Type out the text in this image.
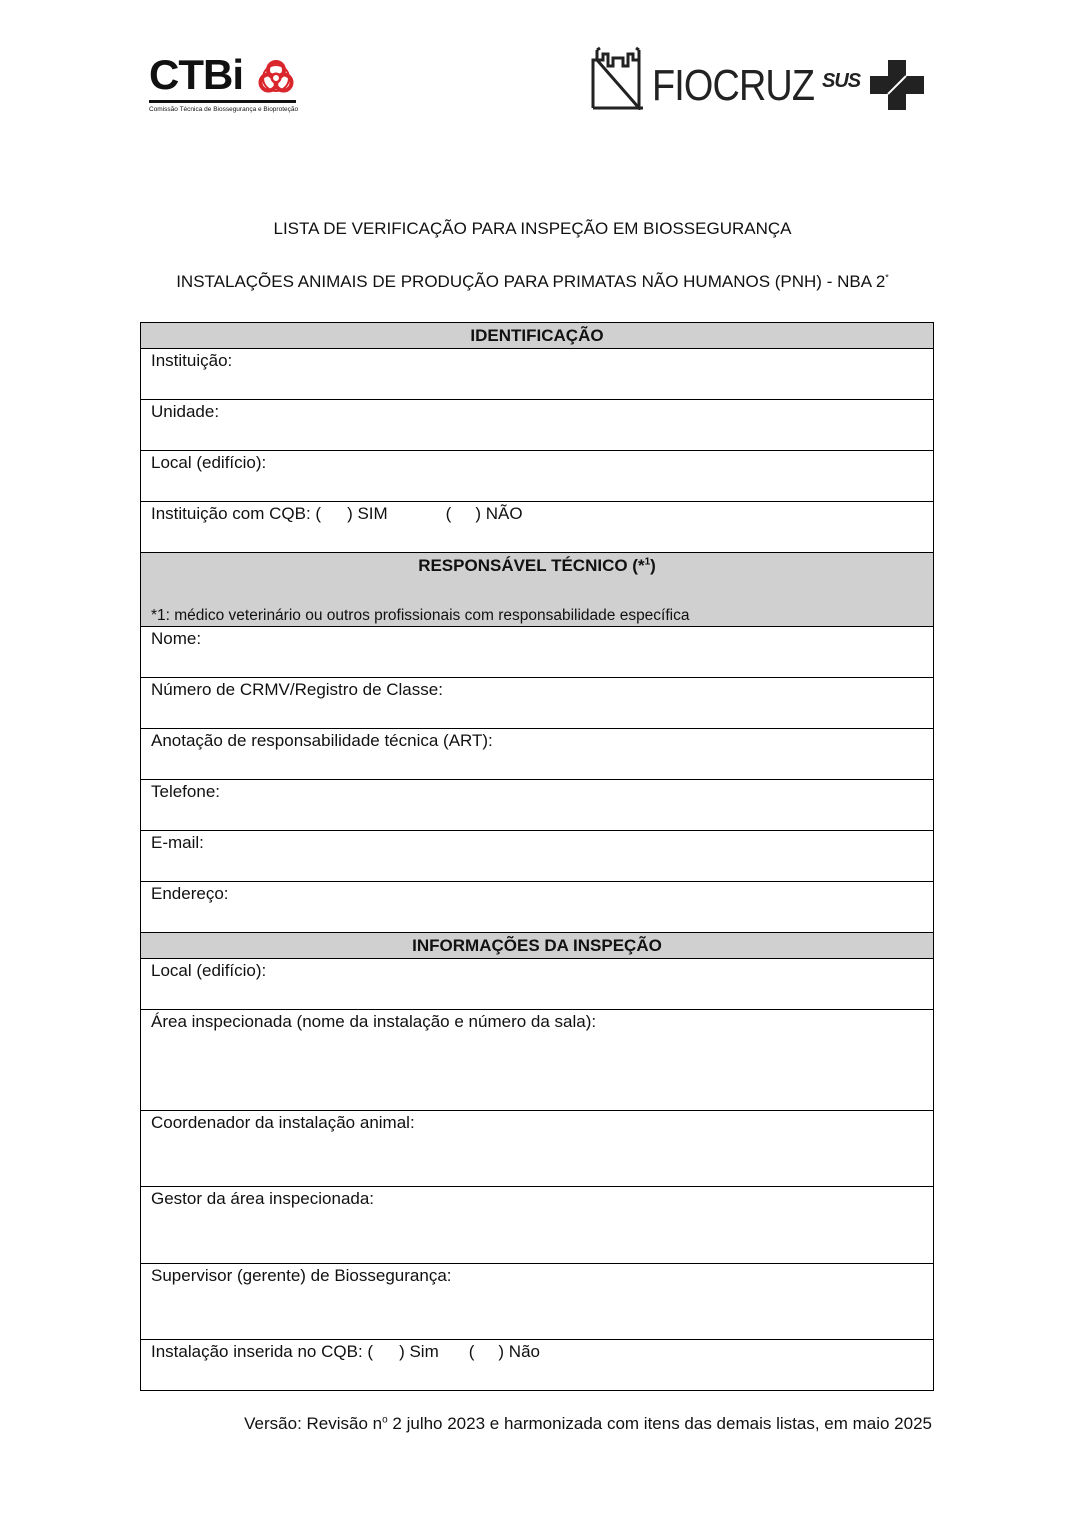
CTBi
Comissão Técnica de Biossegurança e Bioproteção	FIOCRUZ SUS
LISTA DE VERIFICAÇÃO PARA INSPEÇÃO EM BIOSSEGURANÇA
INSTALAÇÕES ANIMAIS DE PRODUÇÃO PARA PRIMATAS NÃO HUMANOS (PNH) - NBA 2*
IDENTIFICAÇÃO
Instituição:
Unidade:
Local (edifício):
Instituição com CQB: ( ) SIM	( ) NÃO
RESPONSÁVEL TÉCNICO (*$^1$)
*1: médico veterinário ou outros profissionais com responsabilidade específica
Nome:
Número de CRMV/Registro de Classe:
Anotação de responsabilidade técnica (ART):
Telefone:
E-mail:
Endereço:
INFORMAÇÕES DA INSPEÇÃO
Local (edifício):
Área inspecionada (nome da instalação e número da sala):
Coordenador da instalação animal:
Gestor da área inspecionada:
Supervisor (gerente) de Biossegurança:
Instalação inserida no CQB: ( ) Sim ( ) Não
Versão: Revisão $n^o$ 2 julho 2023 e harmonizada com itens das demais listas, em maio 2025
